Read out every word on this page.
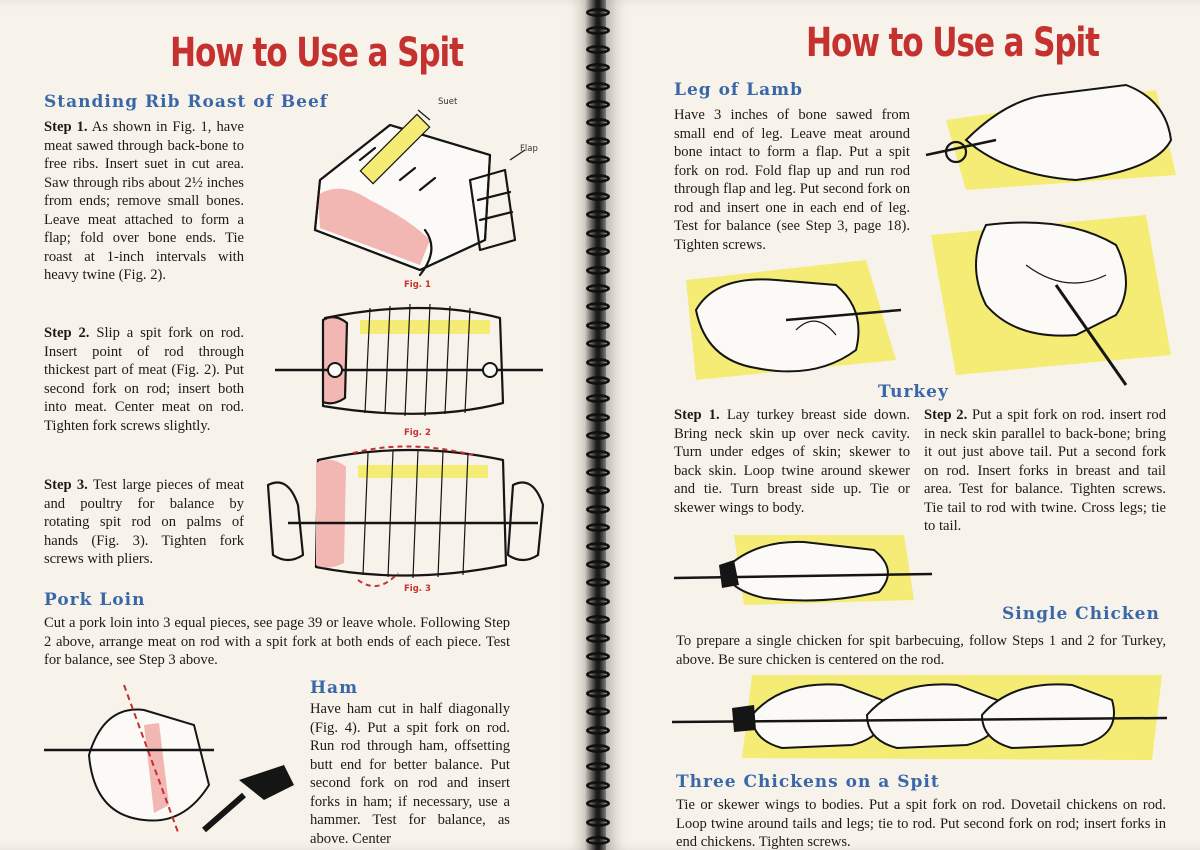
How to Use a Spit
Standing Rib Roast of Beef
Step 1. As shown in Fig. 1, have meat sawed through back-bone to free ribs. Insert suet in cut area. Saw through ribs about 2½ inches from ends; remove small bones. Leave meat attached to form a flap; fold over bone ends. Tie roast at 1-inch intervals with heavy twine (Fig. 2).
Step 2. Slip a spit fork on rod. Insert point of rod through thickest part of meat (Fig. 2). Put second fork on rod; insert both into meat. Center meat on rod. Tighten fork screws slightly.
Step 3. Test large pieces of meat and poultry for balance by rotating spit rod on palms of hands (Fig. 3). Tighten fork screws with pliers.
Suet
Flap
Fig. 1
Fig. 2
Fig. 3
Pork Loin
Cut a pork loin into 3 equal pieces, see page 39 or leave whole. Following Step 2 above, arrange meat on rod with a spit fork at both ends of each piece. Test for balance, see Step 3 above.
Ham
Have ham cut in half diagonally (Fig. 4). Put a spit fork on rod. Run rod through ham, offsetting butt end for better balance. Put second fork on rod and insert forks in ham; if necessary, use a hammer. Test for balance, as above. Center
How to Use a Spit
Leg of Lamb
Have 3 inches of bone sawed from small end of leg. Leave meat around bone intact to form a flap. Put a spit fork on rod. Fold flap up and run rod through flap and leg. Put second fork on rod and insert one in each end of leg. Test for balance (see Step 3, page 18). Tighten screws.
Turkey
Step 1. Lay turkey breast side down. Bring neck skin up over neck cavity. Turn under edges of skin; skewer to back skin. Loop twine around skewer and tie. Turn breast side up. Tie or skewer wings to body.
Step 2. Put a spit fork on rod. insert rod in neck skin parallel to back-bone; bring it out just above tail. Put a second fork on rod. Insert forks in breast and tail area. Test for balance. Tighten screws. Tie tail to rod with twine. Cross legs; tie to tail.
Single Chicken
To prepare a single chicken for spit barbecuing, follow Steps 1 and 2 for Turkey, above. Be sure chicken is centered on the rod.
Three Chickens on a Spit
Tie or skewer wings to bodies. Put a spit fork on rod. Dovetail chickens on rod. Loop twine around tails and legs; tie to rod. Put second fork on rod; insert forks in end chickens. Tighten screws.
